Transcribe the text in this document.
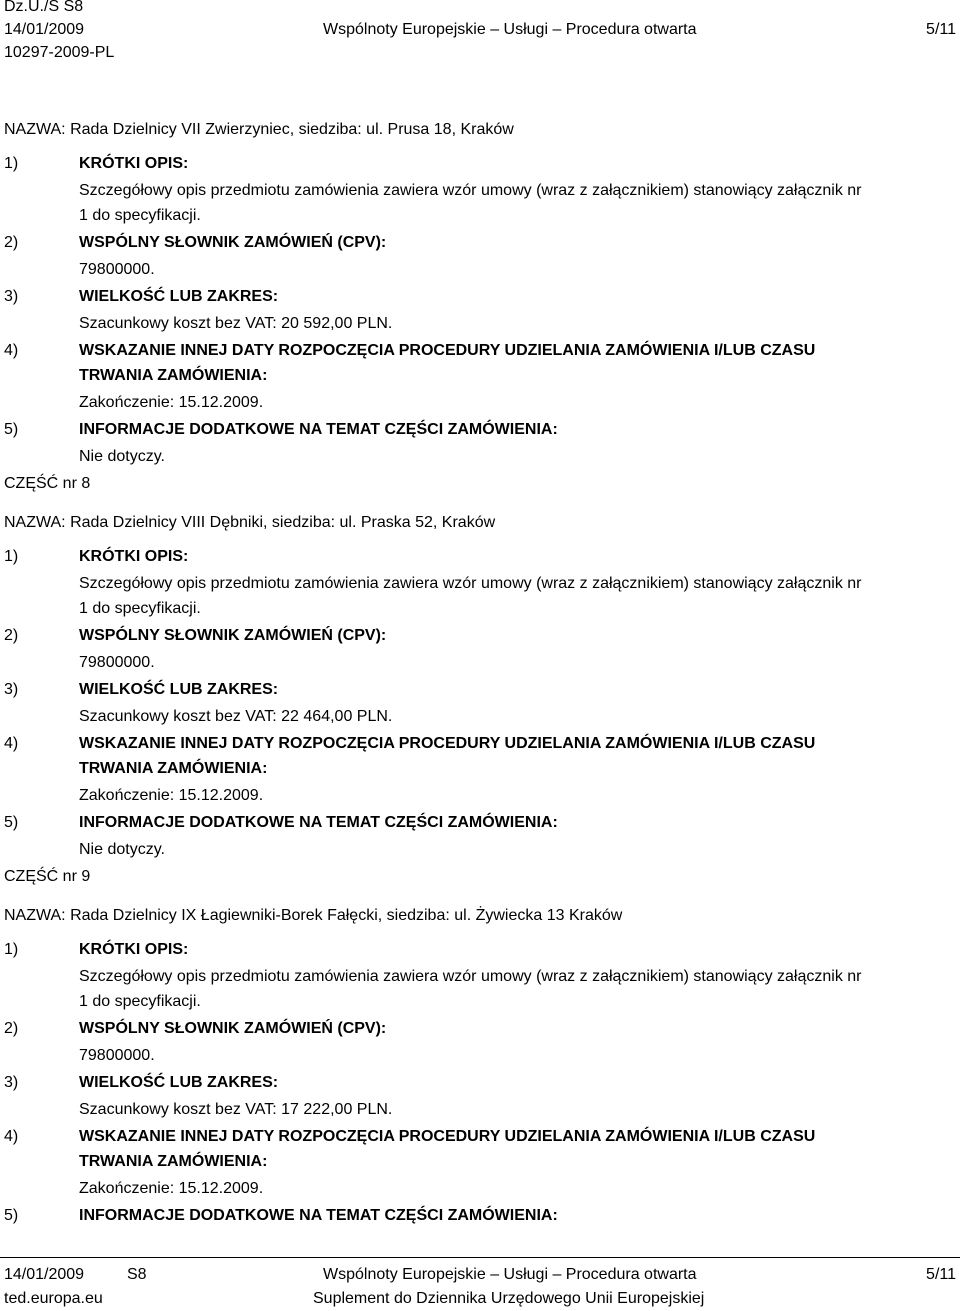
Dz.U./S S8
14/01/2009
10297-2009-PL
Wspólnoty Europejskie – Usługi – Procedura otwarta	5/11
NAZWA: Rada Dzielnicy VII Zwierzyniec, siedziba: ul. Prusa 18, Kraków
1)	KRÓTKI OPIS:
Szczegółowy opis przedmiotu zamówienia zawiera wzór umowy (wraz z załącznikiem) stanowiący załącznik nr
1 do specyfikacji.
2)	WSPÓLNY SŁOWNIK ZAMÓWIEŃ (CPV):
79800000.
3)	WIELKOŚĆ LUB ZAKRES:
Szacunkowy koszt bez VAT: 20 592,00 PLN.
4)	WSKAZANIE INNEJ DATY ROZPOCZĘCIA PROCEDURY UDZIELANIA ZAMÓWIENIA I/LUB CZASU
TRWANIA ZAMÓWIENIA:
Zakończenie: 15.12.2009.
5)	INFORMACJE DODATKOWE NA TEMAT CZĘŚCI ZAMÓWIENIA:
Nie dotyczy.
CZĘŚĆ nr 8
NAZWA: Rada Dzielnicy VIII Dębniki, siedziba: ul. Praska 52, Kraków
1)	KRÓTKI OPIS:
Szczegółowy opis przedmiotu zamówienia zawiera wzór umowy (wraz z załącznikiem) stanowiący załącznik nr
1 do specyfikacji.
2)	WSPÓLNY SŁOWNIK ZAMÓWIEŃ (CPV):
79800000.
3)	WIELKOŚĆ LUB ZAKRES:
Szacunkowy koszt bez VAT: 22 464,00 PLN.
4)	WSKAZANIE INNEJ DATY ROZPOCZĘCIA PROCEDURY UDZIELANIA ZAMÓWIENIA I/LUB CZASU
TRWANIA ZAMÓWIENIA:
Zakończenie: 15.12.2009.
5)	INFORMACJE DODATKOWE NA TEMAT CZĘŚCI ZAMÓWIENIA:
Nie dotyczy.
CZĘŚĆ nr 9
NAZWA: Rada Dzielnicy IX Łagiewniki-Borek Fałęcki, siedziba: ul. Żywiecka 13 Kraków
1)	KRÓTKI OPIS:
Szczegółowy opis przedmiotu zamówienia zawiera wzór umowy (wraz z załącznikiem) stanowiący załącznik nr
1 do specyfikacji.
2)	WSPÓLNY SŁOWNIK ZAMÓWIEŃ (CPV):
79800000.
3)	WIELKOŚĆ LUB ZAKRES:
Szacunkowy koszt bez VAT: 17 222,00 PLN.
4)	WSKAZANIE INNEJ DATY ROZPOCZĘCIA PROCEDURY UDZIELANIA ZAMÓWIENIA I/LUB CZASU
TRWANIA ZAMÓWIENIA:
Zakończenie: 15.12.2009.
5)	INFORMACJE DODATKOWE NA TEMAT CZĘŚCI ZAMÓWIENIA:
14/01/2009	S8
ted.europa.eu
Wspólnoty Europejskie – Usługi – Procedura otwarta
Suplement do Dziennika Urzędowego Unii Europejskiej
5/11
